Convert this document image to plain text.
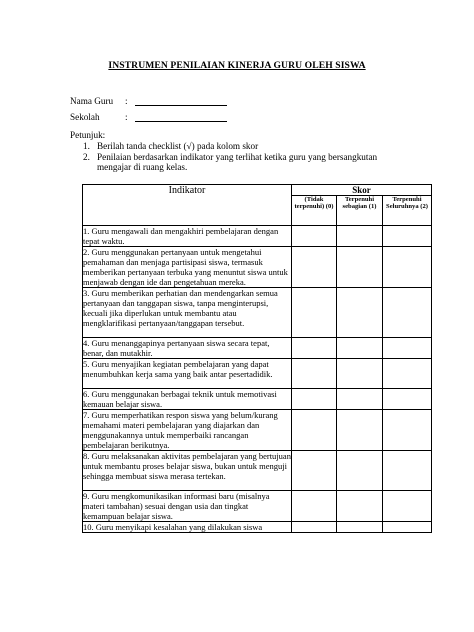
INSTRUMEN PENILAIAN KINERJA GURU OLEH SISWA
Nama Guru	:
Sekolah	:
Petunjuk:
1. Berilah tanda checklist (√) pada kolom skor
2. Penilaian berdasarkan indikator yang terlihat ketika guru yang bersangkutan mengajar di ruang kelas.
Indikator	Skor		
	(Tidak terpenuhi) (0)	Terpenuhi sebagian (1)	Terpenuhi Seluruhnya (2)
1. Guru mengawali dan mengakhiri pembelajaran dengan tepat waktu.			
2. Guru menggunakan pertanyaan untuk mengetahui pemahaman dan menjaga partisipasi siswa, termasuk memberikan pertanyaan terbuka yang menuntut siswa untuk menjawab dengan ide dan pengetahuan mereka.			
3. Guru memberikan perhatian dan mendengarkan semua pertanyaan dan tanggapan siswa, tanpa menginterupsi, kecuali jika diperlukan untuk membantu atau mengklarifikasi pertanyaan/tanggapan tersebut.			
4. Guru menanggapinya pertanyaan siswa secara tepat, benar, dan mutakhir.			
5. Guru menyajikan kegiatan pembelajaran yang dapat menumbuhkan kerja sama yang baik antar pesertadidik.			
6. Guru menggunakan berbagai teknik untuk memotivasi kemauan belajar siswa.			
7. Guru memperhatikan respon siswa yang belum/kurang memahami materi pembelajaran yang diajarkan dan menggunakannya untuk memperbaiki rancangan pembelajaran berikutnya.			
8. Guru melaksanakan aktivitas pembelajaran yang bertujuan untuk membantu proses belajar siswa, bukan untuk menguji sehingga membuat siswa merasa tertekan.			
9. Guru mengkomunikasikan informasi baru (misalnya materi tambahan) sesuai dengan usia dan tingkat kemampuan belajar siswa.			
10. Guru menyikapi kesalahan yang dilakukan siswa			
